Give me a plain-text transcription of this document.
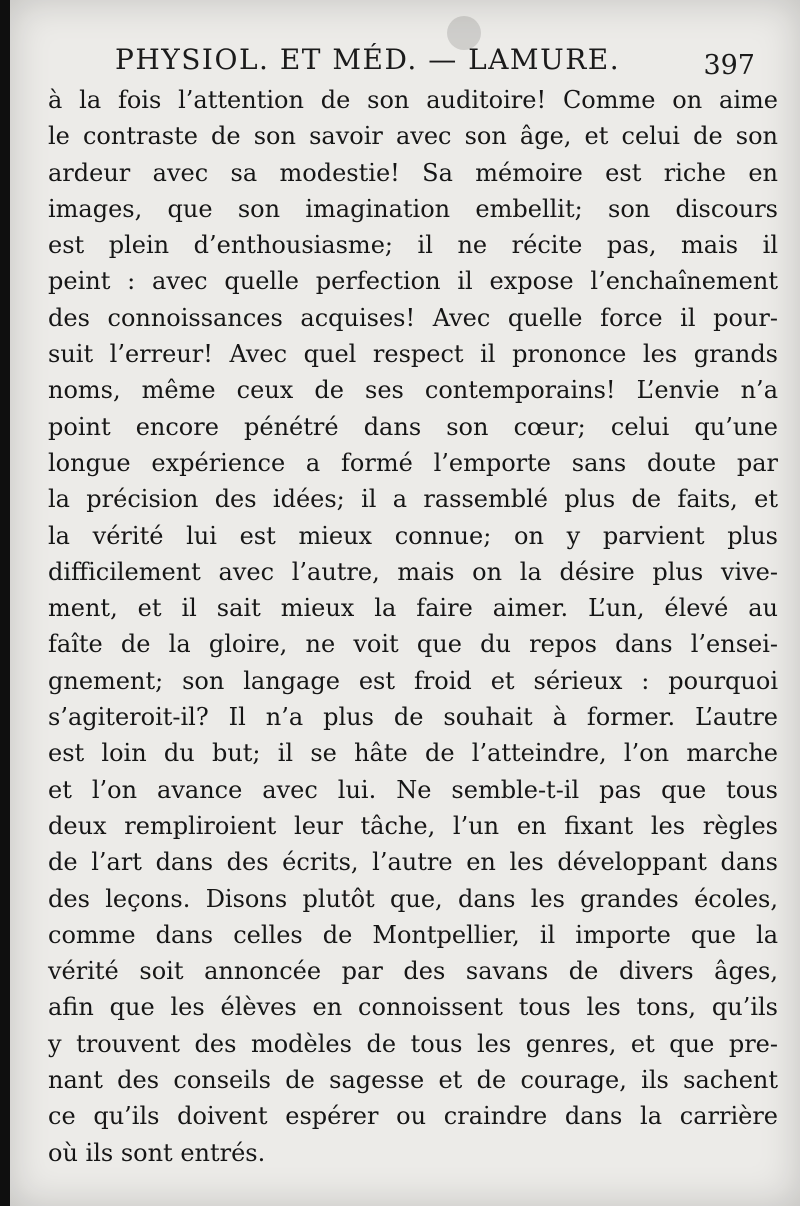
PHYSIOL. ET MÉD. — LAMURE.	397
à la fois l’attention de son auditoire! Comme on aime
le contraste de son savoir avec son âge, et celui de son
ardeur avec sa modestie! Sa mémoire est riche en
images, que son imagination embellit; son discours
est plein d’enthousiasme; il ne récite pas, mais il
peint : avec quelle perfection il expose l’enchaînement
des connoissances acquises! Avec quelle force il pour-
suit l’erreur! Avec quel respect il prononce les grands
noms, même ceux de ses contemporains! L’envie n’a
point encore pénétré dans son cœur; celui qu’une
longue expérience a formé l’emporte sans doute par
la précision des idées; il a rassemblé plus de faits, et
la vérité lui est mieux connue; on y parvient plus
difficilement avec l’autre, mais on la désire plus vive-
ment, et il sait mieux la faire aimer. L’un, élevé au
faîte de la gloire, ne voit que du repos dans l’ensei-
gnement; son langage est froid et sérieux : pourquoi
s’agiteroit-il? Il n’a plus de souhait à former. L’autre
est loin du but; il se hâte de l’atteindre, l’on marche
et l’on avance avec lui. Ne semble-t-il pas que tous
deux rempliroient leur tâche, l’un en fixant les règles
de l’art dans des écrits, l’autre en les développant dans
des leçons. Disons plutôt que, dans les grandes écoles,
comme dans celles de Montpellier, il importe que la
vérité soit annoncée par des savans de divers âges,
afin que les élèves en connoissent tous les tons, qu’ils
y trouvent des modèles de tous les genres, et que pre-
nant des conseils de sagesse et de courage, ils sachent
ce qu’ils doivent espérer ou craindre dans la carrière
où ils sont entrés.
